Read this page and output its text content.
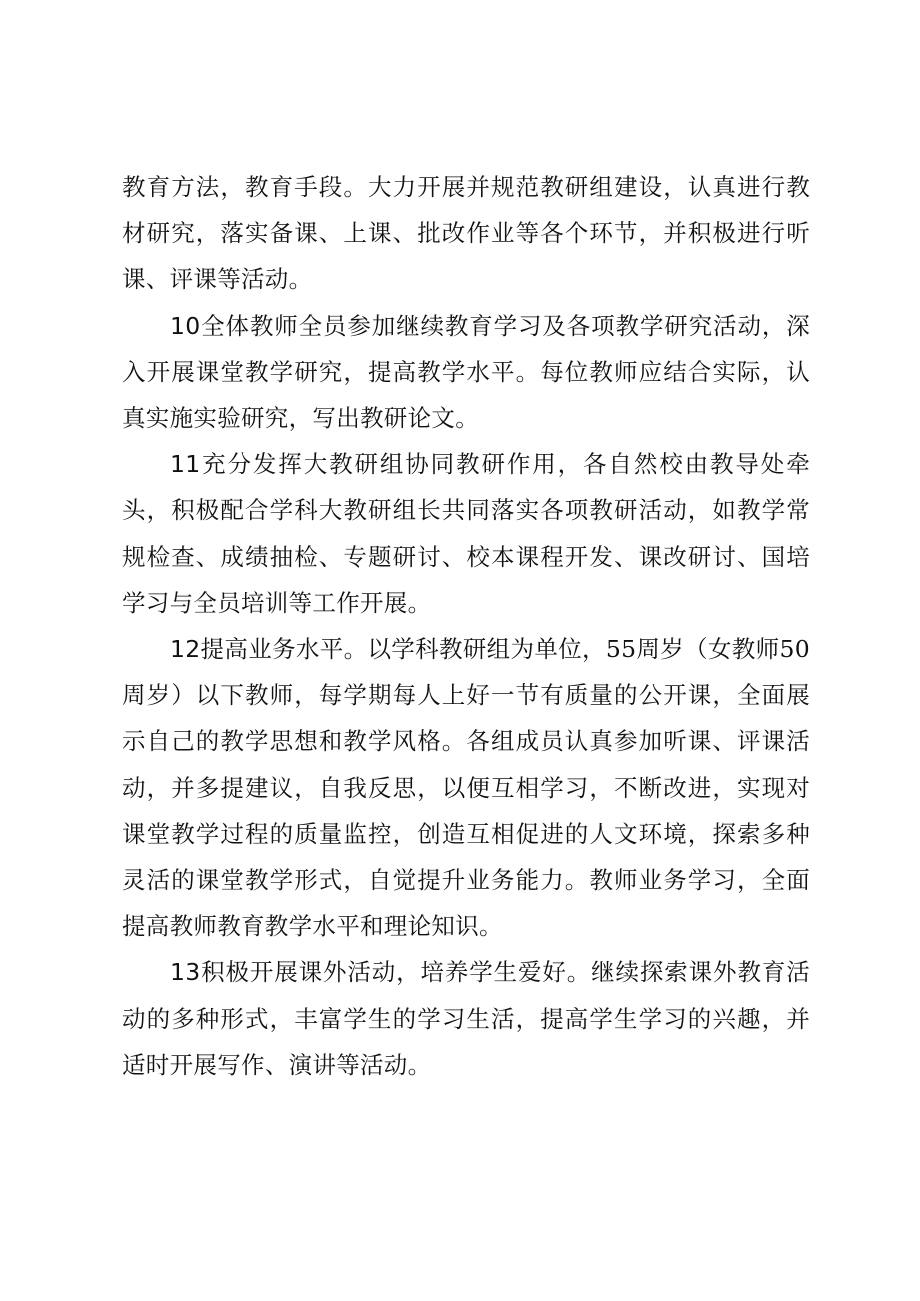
教育方法，教育手段。大力开展并规范教研组建设，认真进行教材研究，落实备课、上课、批改作业等各个环节，并积极进行听课、评课等活动。

10全体教师全员参加继续教育学习及各项教学研究活动，深入开展课堂教学研究，提高教学水平。每位教师应结合实际，认真实施实验研究，写出教研论文。

11充分发挥大教研组协同教研作用，各自然校由教导处牵头，积极配合学科大教研组长共同落实各项教研活动，如教学常规检查、成绩抽检、专题研讨、校本课程开发、课改研讨、国培学习与全员培训等工作开展。

12提高业务水平。以学科教研组为单位，55周岁（女教师50周岁）以下教师，每学期每人上好一节有质量的公开课，全面展示自己的教学思想和教学风格。各组成员认真参加听课、评课活动，并多提建议，自我反思，以便互相学习，不断改进，实现对课堂教学过程的质量监控，创造互相促进的人文环境，探索多种灵活的课堂教学形式，自觉提升业务能力。教师业务学习，全面提高教师教育教学水平和理论知识。

13积极开展课外活动，培养学生爱好。继续探索课外教育活动的多种形式，丰富学生的学习生活，提高学生学习的兴趣，并适时开展写作、演讲等活动。
